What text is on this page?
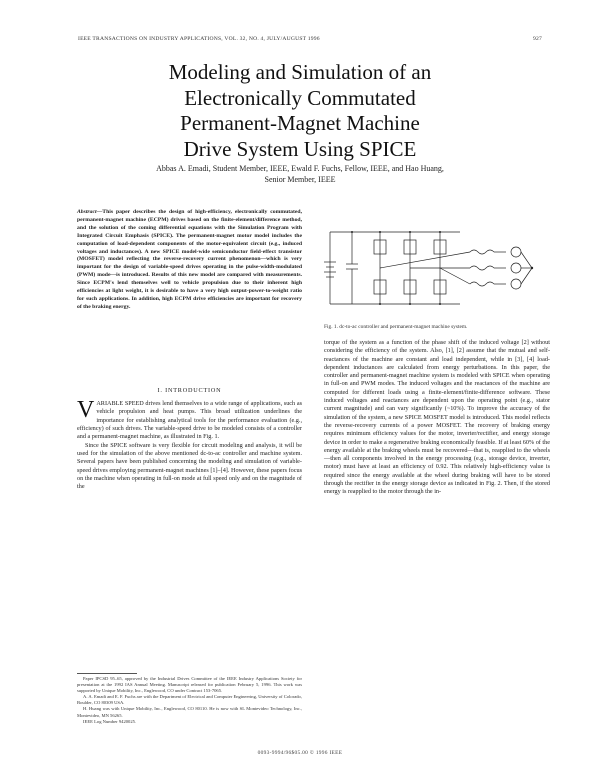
IEEE TRANSACTIONS ON INDUSTRY APPLICATIONS, VOL. 32, NO. 4, JULY/AUGUST 1996	927
Modeling and Simulation of an
Electronically Commutated
Permanent-Magnet Machine
Drive System Using SPICE
Abbas A. Emadi, Student Member, IEEE, Ewald F. Fuchs, Fellow, IEEE, and Hao Huang,
Senior Member, IEEE
Abstract—This paper describes the design of high-efficiency, electronically commutated, permanent-magnet machine (ECPM) drives based on the finite-element/difference method, and the solution of the coming differential equations with the Simulation Program with Integrated Circuit Emphasis (SPICE). The permanent-magnet motor model includes the computation of load-dependent components of the motor-equivalent circuit (e.g., induced voltages and inductances). A new SPICE model-wide semiconductor field-effect transistor (MOSFET) model reflecting the reverse-recovery current phenomenon—which is very important for the design of variable-speed drives operating in the pulse-width-modulated (PWM) mode—is introduced. Results of this new model are compared with measurements. Since ECPM's lend themselves well to vehicle propulsion due to their inherent high efficiencies at light weight, it is desirable to have a very high output-power-to-weight ratio for such applications. In addition, high ECPM drive efficiencies are important for recovery of the braking energy.
I. INTRODUCTION

VARIABLE SPEED drives lend themselves to a wide range of applications, such as vehicle propulsion and heat pumps. This broad utilization underlines the importance for establishing analytical tools for the performance evaluation (e.g., efficiency) of such drives. The variable-speed drive to be modeled consists of a controller and a permanent-magnet machine, as illustrated in Fig. 1.

Since the SPICE software is very flexible for circuit modeling and analysis, it will be used for the simulation of the above mentioned dc-to-ac controller and machine system. Several papers have been published concerning the modeling and simulation of variable-speed drives employing permanent-magnet machines [1]–[4]. However, these papers focus on the machine when operating in full-on mode at full speed only and on the magnitude of the

Paper IPCSD 95–65, approved by the Industrial Drives Committee of the IEEE Industry Applications Society for presentation at the 1992 IAS Annual Meeting. Manuscript released for publication February 5, 1996. This work was supported by Unique Mobility, Inc., Englewood, CO under Contract 153-7065.

A. A. Emadi and E. F. Fuchs are with the Department of Electrical and Computer Engineering, University of Colorado, Boulder, CO 80309 USA.

H. Huang was with Unique Mobility, Inc., Englewood, CO 80110. He is now with SL Montevideo Technology, Inc., Montevideo, MN 56265.

IEEE Log Number 9420025.

Fig. 1. dc-to-ac controller and permanent-magnet machine system.

torque of the system as a function of the phase shift of the induced voltage [2] without considering the efficiency of the system. Also, [1], [2] assume that the mutual and self-reactances of the machine are constant and load independent, while in [3], [4] load-dependent inductances are calculated from energy perturbations. In this paper, the controller and permanent-magnet machine system is modeled with SPICE when operating in full-on and PWM modes. The induced voltages and the reactances of the machine are computed for different loads using a finite-element/finite-difference software. These induced voltages and reactances are dependent upon the operating point (e.g., stator current magnitude) and can vary significantly (~10%). To improve the accuracy of the simulation of the system, a new SPICE MOSFET model is introduced. This model reflects the reverse-recovery currents of a power MOSFET. The recovery of braking energy requires minimum efficiency values for the motor, inverter/rectifier, and energy storage device in order to make a regenerative braking economically feasible. If at least 60% of the energy available at the braking wheels must be recovered—that is, reapplied to the wheels—then all components involved in the energy processing (e.g., storage device, inverter, motor) must have at least an efficiency of 0.92. This relatively high-efficiency value is required since the energy available at the wheel during braking will have to be stored through the rectifier in the energy storage device as indicated in Fig. 2. Then, if the stored energy is reapplied to the motor through the in-

0093-9994/96$05.00 © 1996 IEEE
